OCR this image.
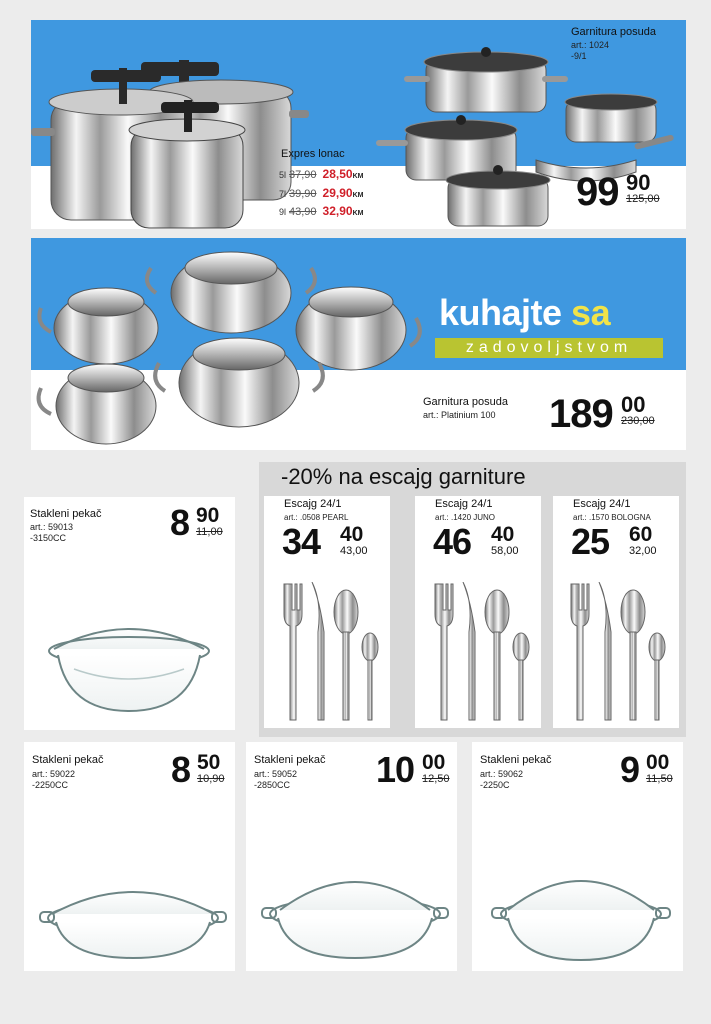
Expres lonac
5l 37,90 28,50KM
7l 39,90 29,90KM
9l 43,90 32,90KM
Garnitura posuda
art.: 1024
-9/1
99 90
125,00
kuhajte sa
zadovoljstvom
Garnitura posuda
art.: Platinium 100 189 00
230,00
Stakleni pekač
art.: 59013
-3150CC	8 90
11,00
-20% na escajg garniture
Escajg 24/1
art.: .0508 PEARL
34 40
43,00
Escajg 24/1
art.: .1420 JUNO
46 40
58,00
Escajg 24/1
art.: .1570 BOLOGNA
25 60
32,00
Stakleni pekač
art.: 59022
-2250CC	8 50
10,90
Stakleni pekač
art.: 59052
-2850CC 10 00
12,50
Stakleni pekač
art.: 59062
-2250C	9 00
11,50
